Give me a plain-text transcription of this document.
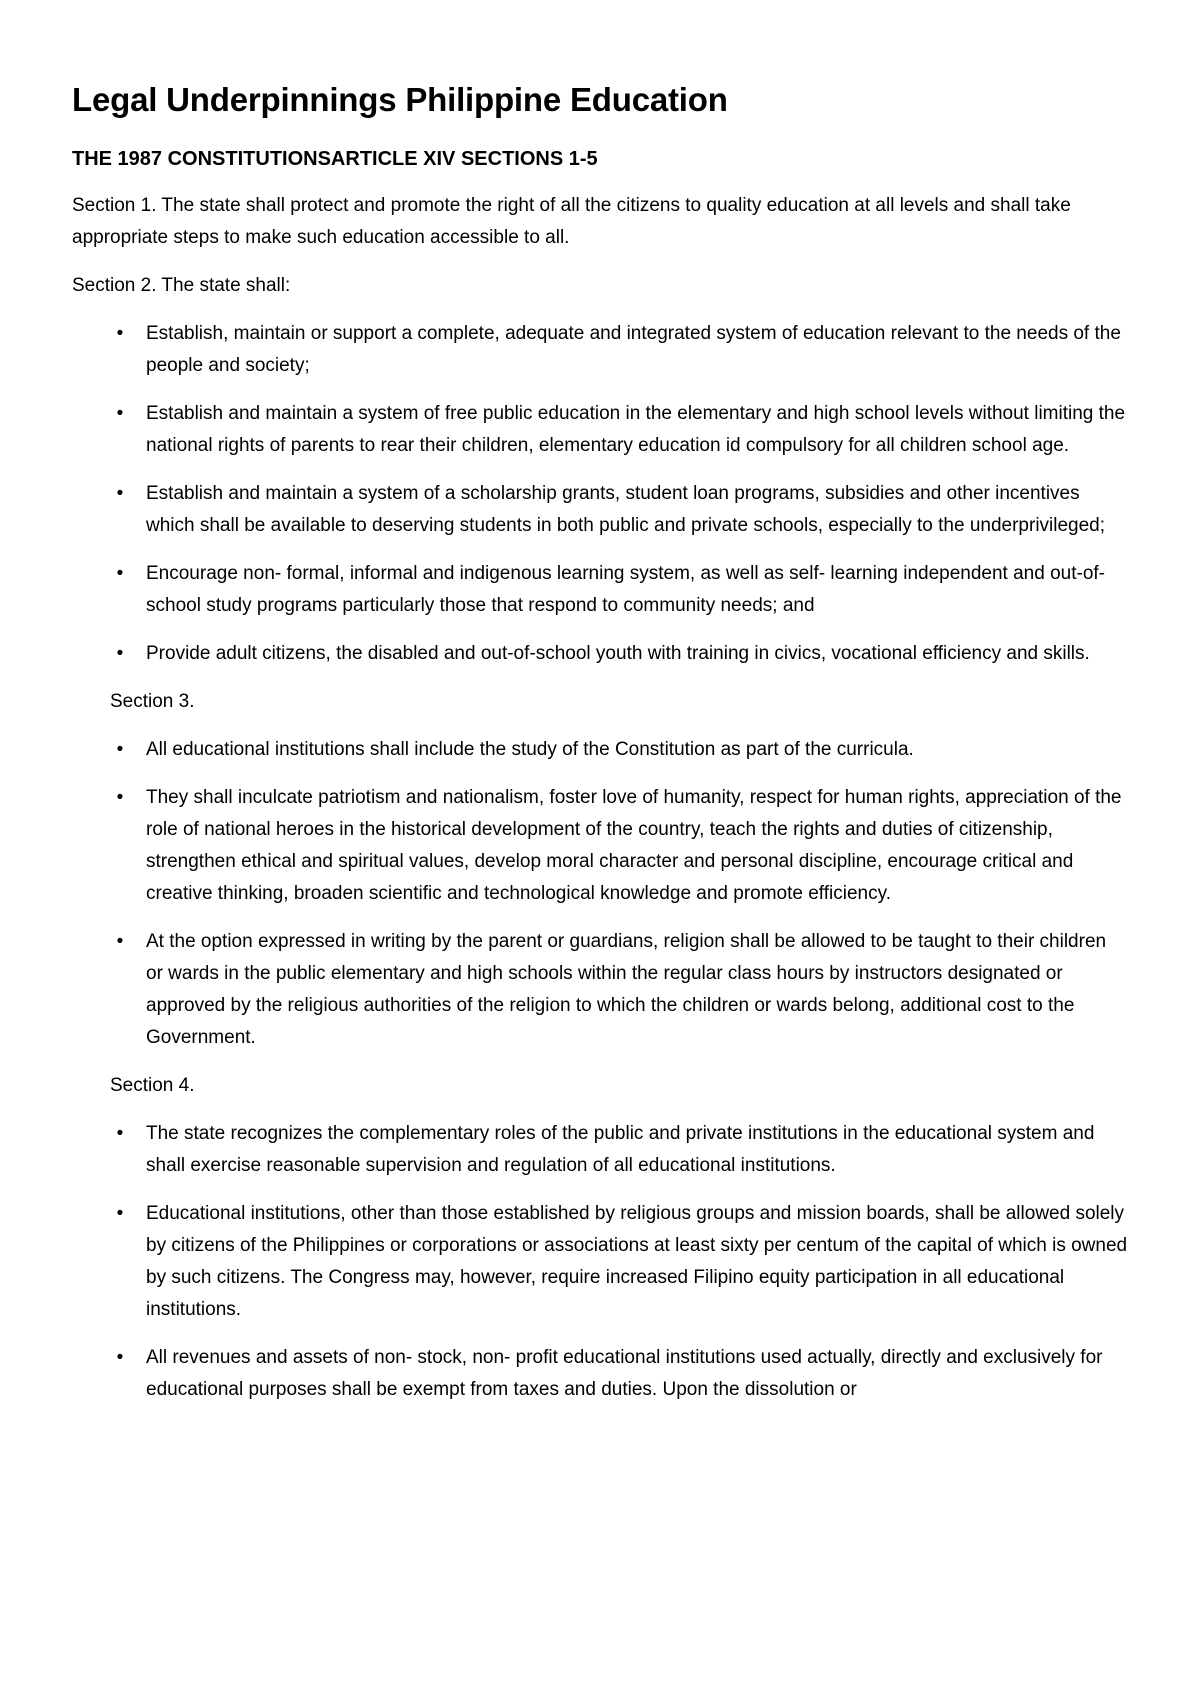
Legal Underpinnings Philippine Education
THE 1987 CONSTITUTIONSARTICLE XIV SECTIONS 1-5

Section 1. The state shall protect and promote the right of all the citizens to quality education at all levels and shall take appropriate steps to make such education accessible to all.

Section 2. The state shall:

•	Establish, maintain or support a complete, adequate and integrated system of education relevant to the needs of the people and society;
•	Establish and maintain a system of free public education in the elementary and high school levels without limiting the national rights of parents to rear their children, elementary education id compulsory for all children school age.
•	Establish and maintain a system of a scholarship grants, student loan programs, subsidies and other incentives which shall be available to deserving students in both public and private schools, especially to the underprivileged;
•	Encourage non- formal, informal and indigenous learning system, as well as self- learning independent and out-of-school study programs particularly those that respond to community needs; and
•	Provide adult citizens, the disabled and out-of-school youth with training in civics, vocational efficiency and skills.

Section 3.

•	All educational institutions shall include the study of the Constitution as part of the curricula.
•	They shall inculcate patriotism and nationalism, foster love of humanity, respect for human rights, appreciation of the role of national heroes in the historical development of the country, teach the rights and duties of citizenship, strengthen ethical and spiritual values, develop moral character and personal discipline, encourage critical and creative thinking, broaden scientific and technological knowledge and promote efficiency.
•	At the option expressed in writing by the parent or guardians, religion shall be allowed to be taught to their children or wards in the public elementary and high schools within the regular class hours by instructors designated or approved by the religious authorities of the religion to which the children or wards belong, additional cost to the Government.

Section 4.

•	The state recognizes the complementary roles of the public and private institutions in the educational system and shall exercise reasonable supervision and regulation of all educational institutions.
•	Educational institutions, other than those established by religious groups and mission boards, shall be allowed solely by citizens of the Philippines or corporations or associations at least sixty per centum of the capital of which is owned by such citizens. The Congress may, however, require increased Filipino equity participation in all educational institutions.
•	All revenues and assets of non- stock, non- profit educational institutions used actually, directly and exclusively for educational purposes shall be exempt from taxes and duties. Upon the dissolution or
